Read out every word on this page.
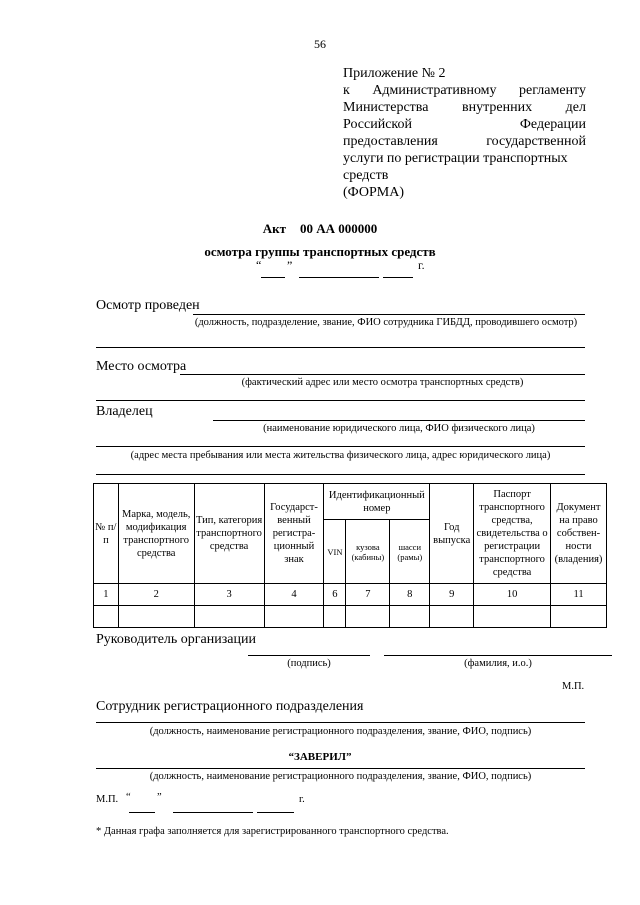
56
Приложение № 2
к Административному регламенту
Министерства внутренних дел
Российской	Федерации
предоставления	государственной
услуги по регистрации транспортных
средств
(ФОРМА)
Акт 00 АА 000000
осмотра группы транспортных средств
“ ”	г.
Осмотр проведен
(должность, подразделение, звание, ФИО сотрудника ГИБДД, проводившего осмотр)
Место осмотра
(фактический адрес или место осмотра транспортных средств)
Владелец
(наименование юридического лица, ФИО физического лица)
(адрес места пребывания или места жительства физического лица, адрес юридического лица)
№ п/п	Марка, модель, модификация транспортного средства	Тип, категория транспортного средства	Государст-венный регистра-ционный знак	Идентификационный номер			Год выпуска	Паспорт транспортного средства, свидетельства о регистрации транспортного средства	Документ на право собствен-ности (владения)
				VIN	кузова (кабины)	шасси (рамы)			
1	2	3	4	6	7	8	9	10	11

Руководитель организации
(подпись)	(фамилия, и.о.)
М.П.
Сотрудник регистрационного подразделения
(должность, наименование регистрационного подразделения, звание, ФИО, подпись)
“ЗАВЕРИЛ”
(должность, наименование регистрационного подразделения, звание, ФИО, подпись)
М.П. “	”	г.
* Данная графа заполняется для зарегистрированного транспортного средства.
